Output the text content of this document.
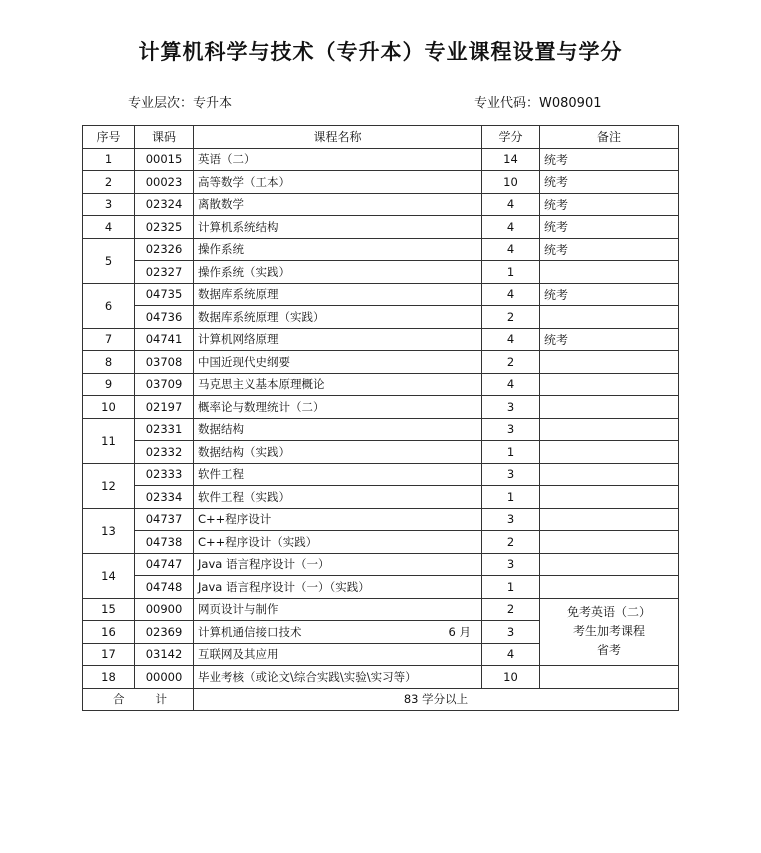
计算机科学与技术（专升本）专业课程设置与学分
专业层次：专升本	专业代码：W080901
序号	课码	课程名称	学分	备注
1	00015	英语（二）	14	统考
2	00023	高等数学（工本）	10	统考
3	02324	离散数学	4	统考
4	02325	计算机系统结构	4	统考
5	02326	操作系统	4	统考
	02327	操作系统（实践）	1	
6	04735	数据库系统原理	4	统考
	04736	数据库系统原理（实践）	2	
7	04741	计算机网络原理	4	统考
8	03708	中国近现代史纲要	2	
9	03709	马克思主义基本原理概论	4	
10	02197	概率论与数理统计（二）	3	
11	02331	数据结构	3	
	02332	数据结构（实践）	1	
12	02333	软件工程	3	
	02334	软件工程（实践）	1	
13	04737	C++程序设计	3	
	04738	C++程序设计（实践）	2	
14	04747	Java 语言程序设计（一）	3	
	04748	Java 语言程序设计（一）（实践）	1	
15	00900	网页设计与制作	2	免考英语（二）
考生加考课程
省考

16	02369	计算机通信接口技术 6 月	3	
17	03142	互联网及其应用	4	
18	00000	毕业考核（或论文\综合实践\实验\实习等）	10	

合 计		83 学分以上		
